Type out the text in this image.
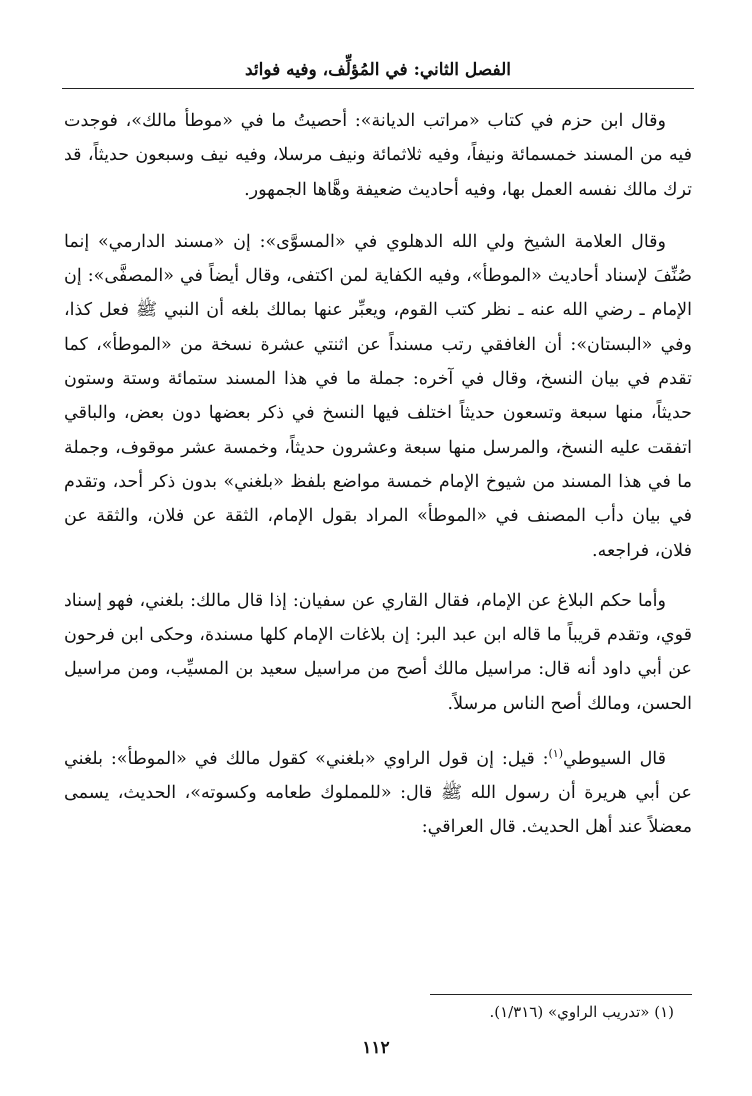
الفصل الثاني: في المُؤلِّف، وفيه فوائد

وقال ابن حزم في كتاب «مراتب الديانة»: أحصيتُ ما في «موطأ مالك»، فوجدت فيه من المسند خمسمائة ونيفاً، وفيه ثلاثمائة ونيف مرسلا، وفيه نيف وسبعون حديثاً، قد ترك مالك نفسه العمل بها، وفيه أحاديث ضعيفة وهَّاها الجمهور.

وقال العلامة الشيخ ولي الله الدهلوي في «المسوَّى»: إن «مسند الدارمي» إنما صُنِّفَ لإسناد أحاديث «الموطأ»، وفيه الكفاية لمن اكتفى، وقال أيضاً في «المصفَّى»: إن الإمام ـ رضي الله عنه ـ نظر كتب القوم، ويعبِّر عنها بمالك بلغه أن النبي ﷺ فعل كذا، وفي «البستان»: أن الغافقي رتب مسنداً عن اثنتي عشرة نسخة من «الموطأ»، كما تقدم في بيان النسخ، وقال في آخره: جملة ما في هذا المسند ستمائة وستة وستون حديثاً، منها سبعة وتسعون حديثاً اختلف فيها النسخ في ذكر بعضها دون بعض، والباقي اتفقت عليه النسخ، والمرسل منها سبعة وعشرون حديثاً، وخمسة عشر موقوف، وجملة ما في هذا المسند من شيوخ الإمام خمسة مواضع بلفظ «بلغني» بدون ذكر أحد، وتقدم في بيان دأب المصنف في «الموطأ» المراد بقول الإمام، الثقة عن فلان، والثقة عن فلان، فراجعه.

وأما حكم البلاغ عن الإمام، فقال القاري عن سفيان: إذا قال مالك: بلغني، فهو إسناد قوي، وتقدم قريباً ما قاله ابن عبد البر: إن بلاغات الإمام كلها مسندة، وحكى ابن فرحون عن أبي داود أنه قال: مراسيل مالك أصح من مراسيل سعيد بن المسيِّب، ومن مراسيل الحسن، ومالك أصح الناس مرسلاً.

قال السيوطي$^{(١)}$: قيل: إن قول الراوي «بلغني» كقول مالك في «الموطأ»: بلغني عن أبي هريرة أن رسول الله ﷺ قال: «للمملوك طعامه وكسوته»، الحديث، يسمى معضلاً عند أهل الحديث. قال العراقي:

(١) «تدريب الراوي» (١/٣١٦).
١١٢
